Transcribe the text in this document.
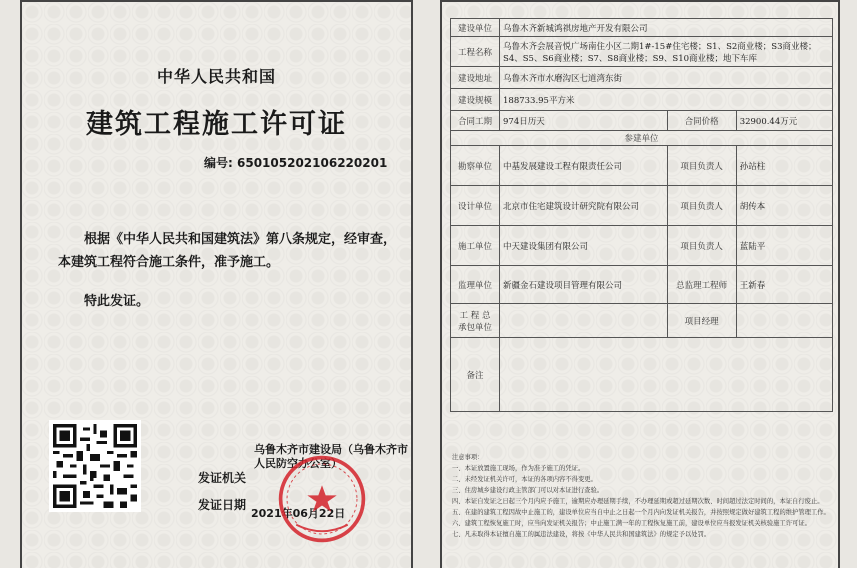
中华人民共和国
建筑工程施工许可证
编号: 650105202106220201
根据《中华人民共和国建筑法》第八条规定，经审查，本建筑工程符合施工条件，准予施工。
特此发证。
乌鲁木齐市建设局（乌鲁木齐市人民防空办公室）
发证机关
发证日期
2021年06月22日
建设单位	乌鲁木齐新城鸿祺房地产开发有限公司		
工程名称	乌鲁木齐会展音悦广场南住小区二期1#-15#住宅楼；S1、S2商业楼；S3商业楼；S4、S5、S6商业楼；S7、S8商业楼；S9、S10商业楼；地下车库		
建设地址	乌鲁木齐市水磨沟区七道湾东街		
建设规模	188733.95平方米		
合同工期	974日历天	合同价格	32900.44万元
参建单位			
勘察单位	中基发展建设工程有限责任公司	项目负责人	孙站柱
设计单位	北京市住宅建筑设计研究院有限公司	项目负责人	胡传本
施工单位	中天建设集团有限公司	项目负责人	蓝陆平
监理单位	新疆金石建设项目管理有限公司	总监理工程师	王新春
工 程 总 承包单位		项目经理	
备注			
注意事项：
一、本证放置施工现场，作为准予施工的凭证。
二、未经发证机关许可，本证的各项内容不得变更。
三、住房城乡建设行政主管部门可以对本证进行查验。
四、本证自发证之日起三个月内应予施工，逾期应办理延期手续，不办理延期或超过延期次数、时间超过法定时间的，本证自行废止。
五、在建的建筑工程因故中止施工的，建设单位应当自中止之日起一个月内向发证机关报告，并按照规定做好建筑工程的维护管理工作。
六、建筑工程恢复施工时，应当向发证机关报告；中止施工满一年的工程恢复施工前，建设单位应当报发证机关核验施工许可证。
七、凡未取得本证擅自施工的属违法建设，将按《中华人民共和国建筑法》的规定予以处罚。
